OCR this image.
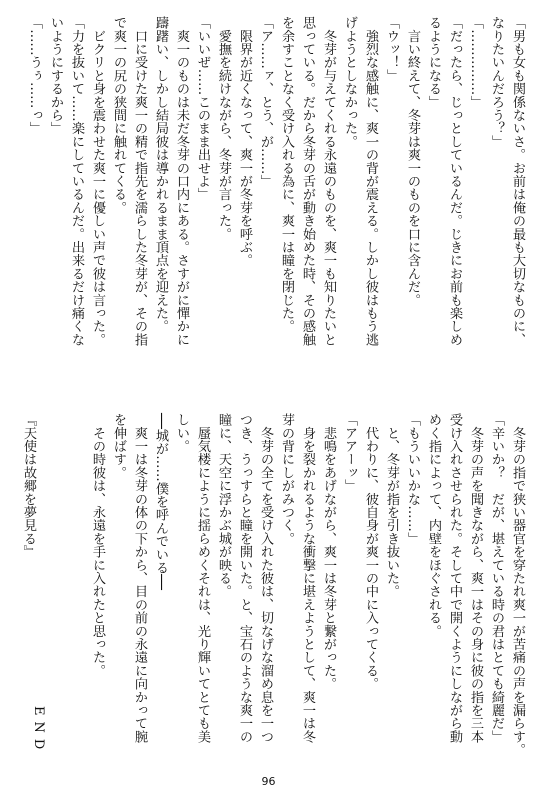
「男も女も関係ないさ。お前は俺の最も大切なものに、
なりたいんだろう？」
「……………」
「だったら、じっとしているんだ。じきにお前も楽しめ
るようになる」
　言い終えて、冬芽は爽一のものを口に含んだ。
「ウッ！」
　強烈な感触に、爽一の背が震える。しかし彼はもう逃
げようとしなかった。
　冬芽が与えてくれる永遠のものを、爽一も知りたいと
思っている。だから冬芽の舌が動き始めた時、その感触
を余すことなく受け入れる為に、爽一は瞳を閉じた。
「ア……ァ、とう、が……」
　限界が近くなって、爽一が冬芽を呼ぶ。
　愛撫を続けながら、冬芽が言った。
「いいぜ……このまま出せよ」
　爽一のものは未だ冬芽の口内にある。さすがに憚かに
躊躇い、しかし結局彼は導かれるまま頂点を迎えた。
　口に受けた爽一の精で指先を濡らした冬芽が、その指
で爽一の尻の狭間に触れてくる。
　ビクリと身を震わせた爽一に優しい声で彼は言った。
「力を抜いて……楽にしているんだ。出来るだけ痛くな
いようにするから」
「……うぅ……っ」
　冬芽の指で狭い器官を穿たれ爽一が苦痛の声を漏らす。
「辛いか？　だが、堪えている時の君はとても綺麗だ」
　冬芽の声を聞きながら、爽一はその身に彼の指を三本
受け入れさせられた。そして中で開くようにしながら動
めく指によって、内壁をほぐされる。
「もういいかな……」
　と、冬芽が指を引き抜いた。
　代わりに、彼自身が爽一の中に入ってくる。
「アアーッ」
　悲鳴をあげながら、爽一は冬芽と繋がった。
　身を裂かれるような衝撃に堪えようとして、爽一は冬
芽の背にしがみつく。
　冬芽の全てを受け入れた彼は、切なげな溜め息を一つ
つき、うっすらと瞳を開いた。と、宝石のような爽一の
瞳に、天空に浮かぶ城が映る。
　蜃気楼にように揺らめくそれは、光り輝いてとても美
しい。
──城が……僕を呼んでいる──
　爽一は冬芽の体の下から、目の前の永遠に向かって腕
を伸ばす。
　その時彼は、永遠を手に入れたと思った。
『天使は故郷を夢見る』
END
96
